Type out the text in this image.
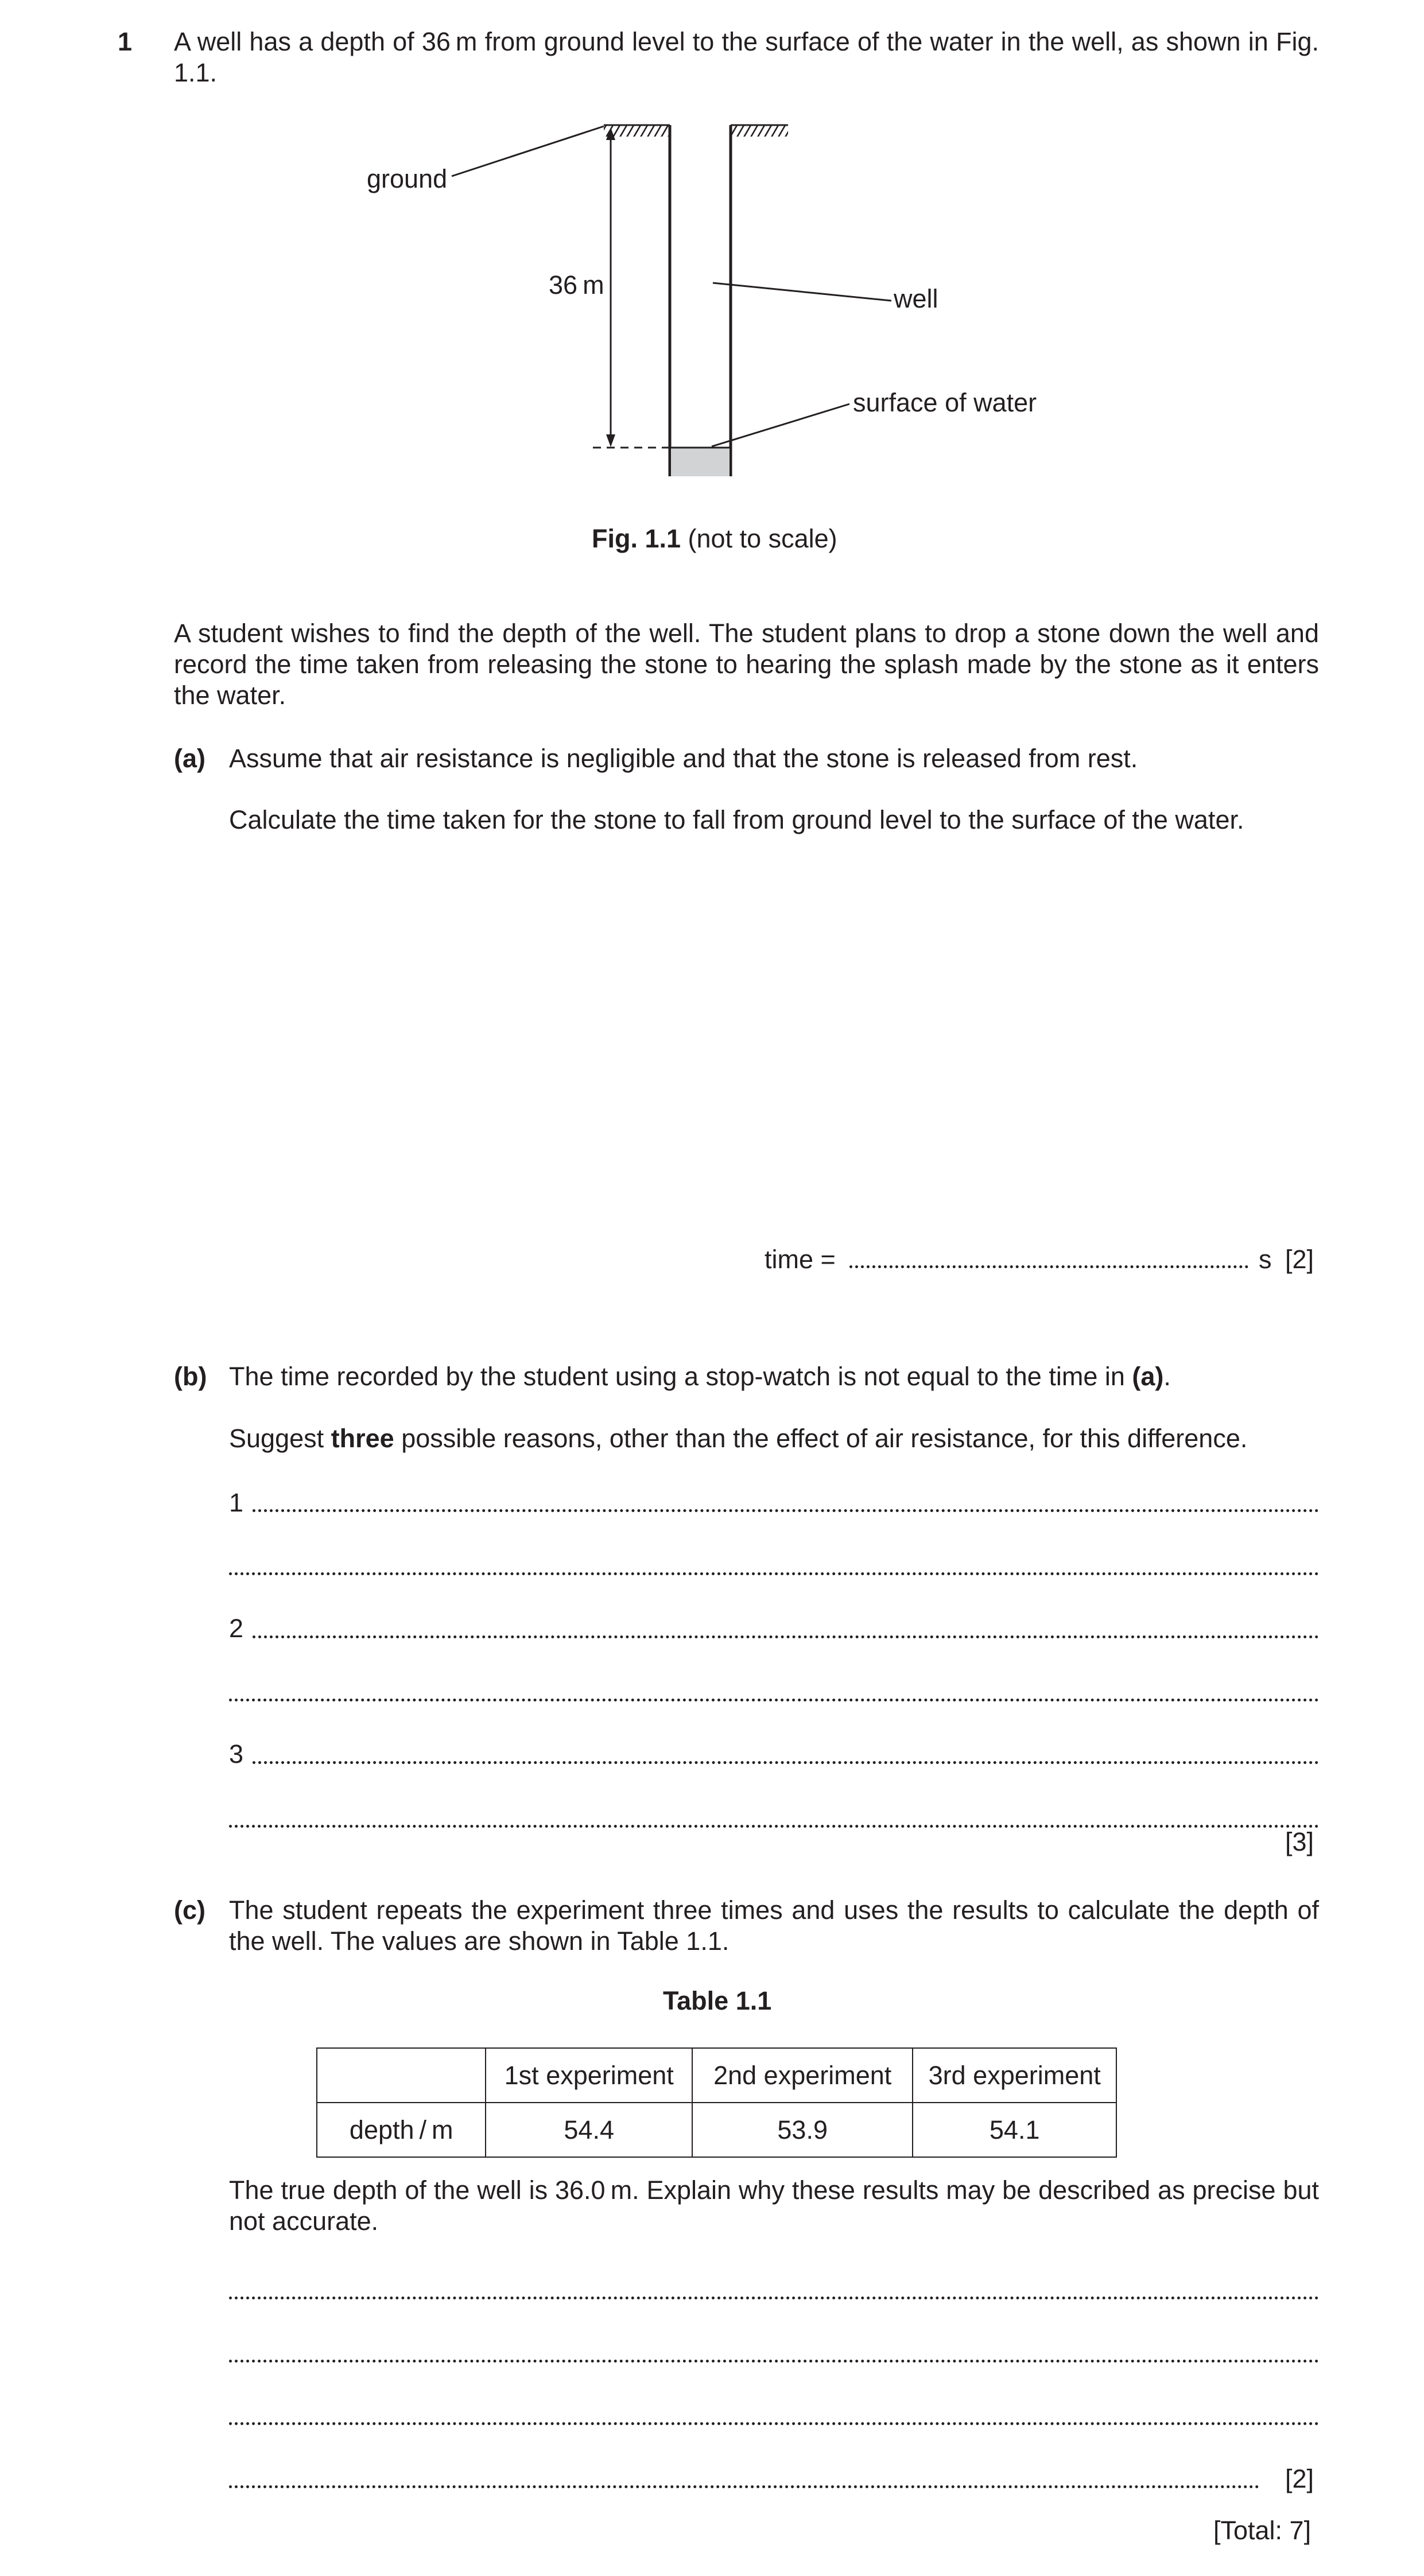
1 A well has a depth of 36 m from ground level to the surface of the water in the well, as shown in Fig. 1.1.
ground
36 m	well
surface of water
Fig. 1.1 (not to scale)
A student wishes to find the depth of the well. The student plans to drop a stone down the well and record the time taken from releasing the stone to hearing the splash made by the stone as it enters the water.
(a) Assume that air resistance is negligible and that the stone is released from rest.
Calculate the time taken for the stone to fall from ground level to the surface of the water.
time =	s [2]
(b) The time recorded by the student using a stop-watch is not equal to the time in (a).
Suggest three possible reasons, other than the effect of air resistance, for this difference.
1
2
3
[3]
(c) The student repeats the experiment three times and uses the results to calculate the depth of the well. The values are shown in Table 1.1.
Table 1.1
	1st experiment	2nd experiment	3rd experiment
depth / m	54.4	53.9	54.1
The true depth of the well is 36.0 m. Explain why these results may be described as precise but not accurate.
[2]
[Total: 7]
